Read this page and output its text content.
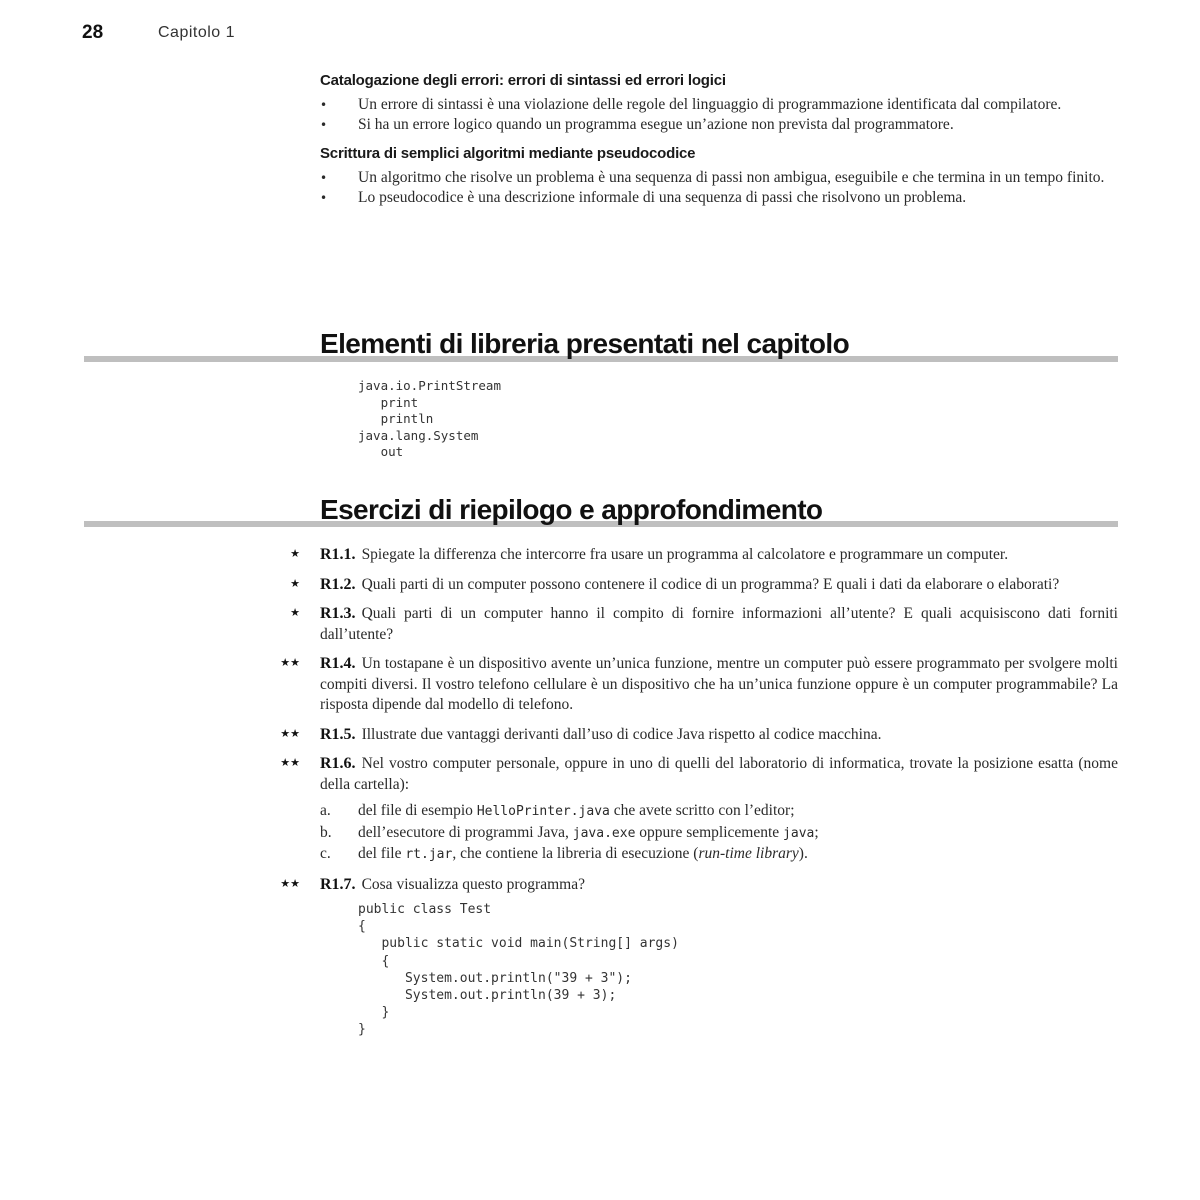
28	Capitolo 1
Catalogazione degli errori: errori di sintassi ed errori logici
• Un errore di sintassi è una violazione delle regole del linguaggio di programmazione identificata dal compilatore.
• Si ha un errore logico quando un programma esegue un’azione non prevista dal programmatore.
Scrittura di semplici algoritmi mediante pseudocodice
• Un algoritmo che risolve un problema è una sequenza di passi non ambigua, eseguibile e che termina in un tempo finito.
• Lo pseudocodice è una descrizione informale di una sequenza di passi che risolvono un problema.
Elementi di libreria presentati nel capitolo
java.io.PrintStream
print
println
java.lang.System
out
Esercizi di riepilogo e approfondimento
★ R1.1. Spiegate la differenza che intercorre fra usare un programma al calcolatore e programmare un computer.
★ R1.2. Quali parti di un computer possono contenere il codice di un programma? E quali i dati da elaborare o elaborati?
★ R1.3. Quali parti di un computer hanno il compito di fornire informazioni all’utente? E quali acquisiscono dati forniti dall’utente?
★★ R1.4. Un tostapane è un dispositivo avente un’unica funzione, mentre un computer può essere programmato per svolgere molti compiti diversi. Il vostro telefono cellulare è un dispositivo che ha un’unica funzione oppure è un computer programmabile? La risposta dipende dal modello di telefono.
★★ R1.5. Illustrate due vantaggi derivanti dall’uso di codice Java rispetto al codice macchina.
★★ R1.6. Nel vostro computer personale, oppure in uno di quelli del laboratorio di informatica, trovate la posizione esatta (nome della cartella):
a. del file di esempio HelloPrinter.java che avete scritto con l’editor;
b. dell’esecutore di programmi Java, java.exe oppure semplicemente java;
c. del file rt.jar, che contiene la libreria di esecuzione (run-time library).
★★ R1.7. Cosa visualizza questo programma?
public class Test
{
public static void main(String[] args)
{
System.out.println("39 + 3");
System.out.println(39 + 3);
}
}
